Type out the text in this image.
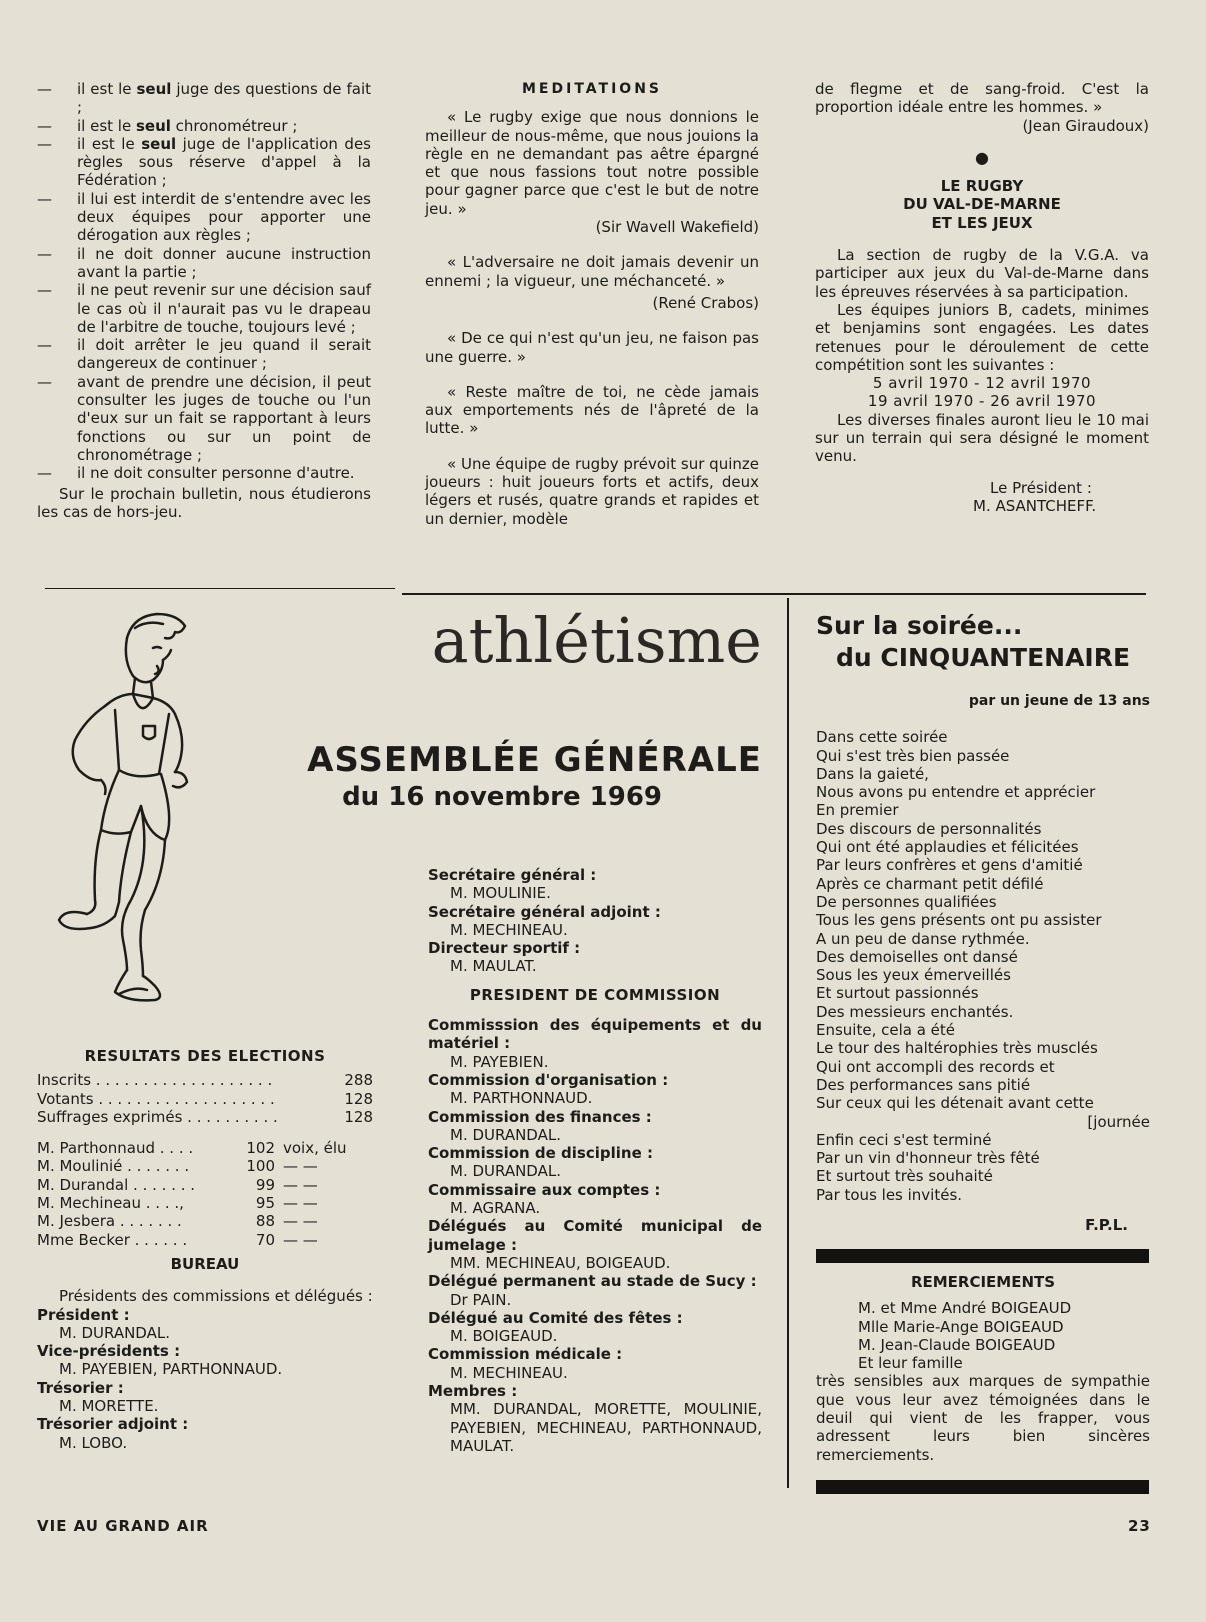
— il est le seul juge des questions de fait ;
— il est le seul chronométreur ;
— il est le seul juge de l'application des règles sous réserve d'appel à la Fédération ;
— il lui est interdit de s'entendre avec les deux équipes pour apporter une dérogation aux règles ;
— il ne doit donner aucune instruction avant la partie ;
— il ne peut revenir sur une décision sauf le cas où il n'aurait pas vu le drapeau de l'arbitre de touche, toujours levé ;
— il doit arrêter le jeu quand il serait dangereux de continuer ;
— avant de prendre une décision, il peut consulter les juges de touche ou l'un d'eux sur un fait se rapportant à leurs fonctions ou sur un point de chronométrage ;
— il ne doit consulter personne d'autre.
Sur le prochain bulletin, nous étudierons les cas de hors-jeu.
MEDITATIONS
« Le rugby exige que nous donnions le meilleur de nous-même, que nous jouions la règle en ne demandant pas aêtre épargné et que nous fassions tout notre possible pour gagner parce que c'est le but de notre jeu. »
(Sir Wavell Wakefield)
« L'adversaire ne doit jamais devenir un ennemi ; la vigueur, une méchanceté. »
(René Crabos)
« De ce qui n'est qu'un jeu, ne faison pas une guerre. »
« Reste maître de toi, ne cède jamais aux emportements nés de l'âpreté de la lutte. »
« Une équipe de rugby prévoit sur quinze joueurs : huit joueurs forts et actifs, deux légers et rusés, quatre grands et rapides et un dernier, modèle
de flegme et de sang-froid. C'est la proportion idéale entre les hommes. »
(Jean Giraudoux)
●
LE RUGBY
DU VAL-DE-MARNE
ET LES JEUX
La section de rugby de la V.G.A. va participer aux jeux du Val-de-Marne dans les épreuves réservées à sa participation.
Les équipes juniors B, cadets, minimes et benjamins sont engagées. Les dates retenues pour le déroulement de cette compétition sont les suivantes :
5 avril 1970 - 12 avril 1970
19 avril 1970 - 26 avril 1970
Les diverses finales auront lieu le 10 mai sur un terrain qui sera désigné le moment venu.
Le Président :
M. ASANTCHEFF.
athlétisme
ASSEMBLÉE GÉNÉRALE
du 16 novembre 1969
RESULTATS DES ELECTIONS
Inscrits . . . . . . . . . . . . . . . . . . .	288
Votants . . . . . . . . . . . . . . . . . . .	128
Suffrages exprimés . . . . . . . . . .	128
M. Parthonnaud . . . .	102 voix, élu
M. Moulinié . . . . . . .	100 — —
M. Durandal . . . . . . .	99 — —
M. Mechineau . . . .,	95 — —
M. Jesbera . . . . . . .	88 — —
Mme Becker . . . . . .	70 — —
BUREAU
Présidents des commissions et délégués :
Président :
M. DURANDAL.
Vice-présidents :
M. PAYEBIEN, PARTHONNAUD.
Trésorier :
M. MORETTE.
Trésorier adjoint :
M. LOBO.
Secrétaire général :
M. MOULINIE.
Secrétaire général adjoint :
M. MECHINEAU.
Directeur sportif :
M. MAULAT.
PRESIDENT DE COMMISSION
Commisssion des équipements et du matériel :
M. PAYEBIEN.
Commission d'organisation :
M. PARTHONNAUD.
Commission des finances :
M. DURANDAL.
Commission de discipline :
M. DURANDAL.
Commissaire aux comptes :
M. AGRANA.
Délégués au Comité municipal de jumelage :
MM. MECHINEAU, BOIGEAUD.
Délégué permanent au stade de Sucy :
Dr PAIN.
Délégué au Comité des fêtes :
M. BOIGEAUD.
Commission médicale :
M. MECHINEAU.
Membres :
MM. DURANDAL, MORETTE, MOULINIE, PAYEBIEN, MECHINEAU, PARTHONNAUD, MAULAT.
Sur la soirée...
du CINQUANTENAIRE
par un jeune de 13 ans
Dans cette soirée
Qui s'est très bien passée
Dans la gaieté,
Nous avons pu entendre et apprécier
En premier
Des discours de personnalités
Qui ont été applaudies et félicitées
Par leurs confrères et gens d'amitié
Après ce charmant petit défilé
De personnes qualifiées
Tous les gens présents ont pu assister
A un peu de danse rythmée.
Des demoiselles ont dansé
Sous les yeux émerveillés
Et surtout passionnés
Des messieurs enchantés.
Ensuite, cela a été
Le tour des haltérophies très musclés
Qui ont accompli des records et
Des performances sans pitié
Sur ceux qui les détenait avant cette
[journée
Enfin ceci s'est terminé
Par un vin d'honneur très fêté
Et surtout très souhaité
Par tous les invités.
F.P.L.
REMERCIEMENTS
M. et Mme André BOIGEAUD
Mlle Marie-Ange BOIGEAUD
M. Jean-Claude BOIGEAUD
Et leur famille
très sensibles aux marques de sympathie que vous leur avez témoignées dans le deuil qui vient de les frapper, vous adressent leurs bien sincères remerciements.
VIE AU GRAND AIR	23
